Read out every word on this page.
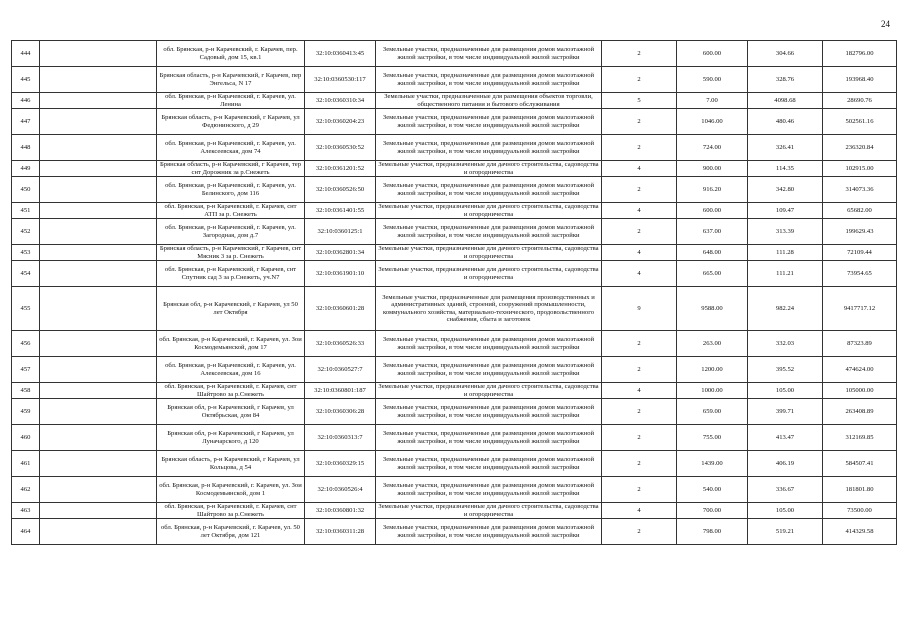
24
444		обл. Брянская, р-н Карачевский, г. Карачев, пер. Садовый, дом 15, кв.1	32:10:0360413:45	Земельные участки, предназначенные для размещения домов малоэтажной жилой застройки, в том числе индивидуальной жилой застройки	2	600.00	304.66	182796.00
445		Брянская область, р-н Карачевский, г Карачев, пер Энгельса, N 17	32:10:0360530:117	Земельные участки, предназначенные для размещения домов малоэтажной жилой застройки, в том числе индивидуальной жилой застройки	2	590.00	328.76	193968.40
446		обл. Брянская, р-н Карачевский, г. Карачев, ул. Ленина	32:10:0360310:34	Земельные участки, предназначенные для размещения объектов торговли, общественного питания и бытового обслуживания	5	7.00	4098.68	28690.76
447		Брянская область, р-н Карачевский, г Карачев, ул Федюнинского, д 29	32:10:0360204:23	Земельные участки, предназначенные для размещения домов малоэтажной жилой застройки, в том числе индивидуальной жилой застройки	2	1046.00	480.46	502561.16
448		обл. Брянская, р-н Карачевский, г. Карачев, ул. Алексеевская, дом 74	32:10:0360530:52	Земельные участки, предназначенные для размещения домов малоэтажной жилой застройки, в том числе индивидуальной жилой застройки	2	724.00	326.41	236320.84
449		Брянская область, р-н Карачевский, г Карачев, тер снт Дорожник за р.Снежеть	32:10:0361201:52	Земельные участки, предназначенные для дачного строительства, садоводства и огородничества	4	900.00	114.35	102915.00
450		обл. Брянская, р-н Карачевский, г. Карачев, ул. Белинского, дом 116	32:10:0360526:50	Земельные участки, предназначенные для размещения домов малоэтажной жилой застройки, в том числе индивидуальной жилой застройки	2	916.20	342.80	314073.36
451		обл. Брянская, р-н Карачевский, г. Карачев, снт АТП за р. Снежеть	32:10:0361401:55	Земельные участки, предназначенные для дачного строительства, садоводства и огородничества	4	600.00	109.47	65682.00
452		обл. Брянская, р-н Карачевский, г. Карачев, ул. Загородная, дом д.7	32:10:0360125:1	Земельные участки, предназначенные для размещения домов малоэтажной жилой застройки, в том числе индивидуальной жилой застройки	2	637.00	313.39	199629.43
453		Брянская область, р-н Карачевский, г Карачев, снт Мясник 3 за р. Снежеть	32:10:0362801:34	Земельные участки, предназначенные для дачного строительства, садоводства и огородничества	4	648.00	111.28	72109.44
454		обл. Брянская, р-н Карачевский, г Карачев, снт Спутник сад 3 за р.Снежеть, уч.N7	32:10:0361901:10	Земельные участки, предназначенные для дачного строительства, садоводства и огородничества	4	665.00	111.21	73954.65
455		Брянская обл, р-н Карачевский, г Карачев, ул 50 лет Октября	32:10:0360601:28	Земельные участки, предназначенные для размещения производственных и административных зданий, строений, сооружений промышленности, коммунального хозяйства, материально-технического, продовольственного снабжения, сбыта и заготовок	9	9588.00	982.24	9417717.12
456		обл. Брянская, р-н Карачевский, г. Карачев, ул. Зои Космодемьянской, дом 17	32:10:0360526:33	Земельные участки, предназначенные для размещения домов малоэтажной жилой застройки, в том числе индивидуальной жилой застройки	2	263.00	332.03	87323.89
457		обл. Брянская, р-н Карачевский, г. Карачев, ул. Алексеевская, дом 16	32:10:0360527:7	Земельные участки, предназначенные для размещения домов малоэтажной жилой застройки, в том числе индивидуальной жилой застройки	2	1200.00	395.52	474624.00
458		обл. Брянская, р-н Карачевский, г. Карачев, снт Шайтрово за р.Снежеть	32:10:0360801:187	Земельные участки, предназначенные для дачного строительства, садоводства и огородничества	4	1000.00	105.00	105000.00
459		Брянская обл, р-н Карачевский, г Карачев, ул Октябрьская, дом 84	32:10:0360306:28	Земельные участки, предназначенные для размещения домов малоэтажной жилой застройки, в том числе индивидуальной жилой застройки	2	659.00	399.71	263408.89
460		Брянская обл, р-н Карачевский, г Карачев, ул Луначарского, д 120	32:10:0360313:7	Земельные участки, предназначенные для размещения домов малоэтажной жилой застройки, в том числе индивидуальной жилой застройки	2	755.00	413.47	312169.85
461		Брянская область, р-н Карачевский, г Карачев, ул Кольцова, д 54	32:10:0360329:15	Земельные участки, предназначенные для размещения домов малоэтажной жилой застройки, в том числе индивидуальной жилой застройки	2	1439.00	406.19	584507.41
462		обл. Брянская, р-н Карачевский, г. Карачев, ул. Зои Космодемьянской, дом 1	32:10:0360526:4	Земельные участки, предназначенные для размещения домов малоэтажной жилой застройки, в том числе индивидуальной жилой застройки	2	540.00	336.67	181801.80
463		обл. Брянская, р-н Карачевский, г. Карачев, снт Шайтрово за р.Снежеть	32:10:0360801:32	Земельные участки, предназначенные для дачного строительства, садоводства и огородничества	4	700.00	105.00	73500.00
464		обл. Брянская, р-н Карачевский, г. Карачев, ул. 50 лет Октября, дом 121	32:10:0360311:28	Земельные участки, предназначенные для размещения домов малоэтажной жилой застройки, в том числе индивидуальной жилой застройки	2	798.00	519.21	414329.58
